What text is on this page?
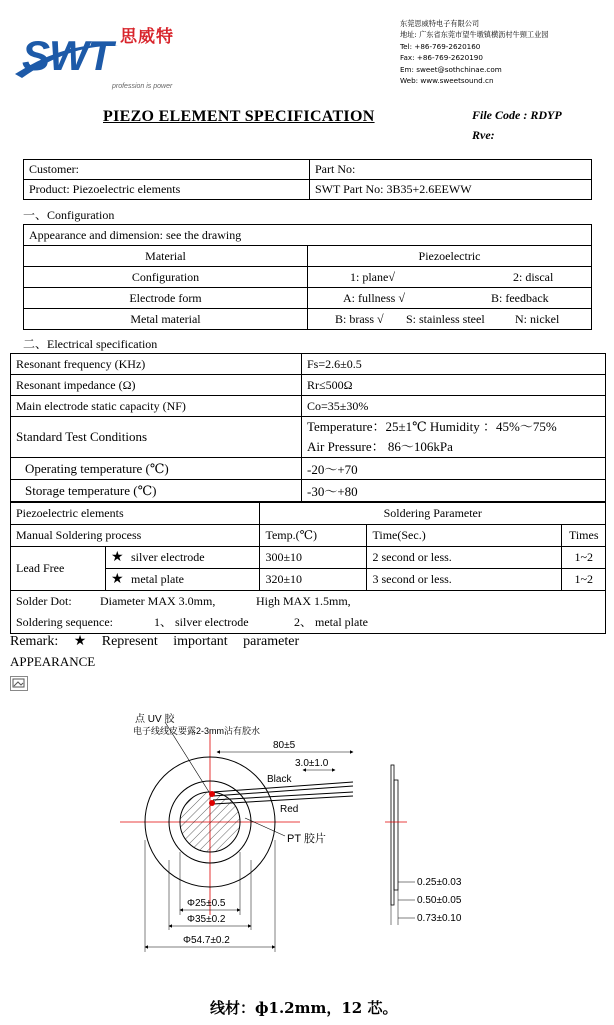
思威特
SWT
profession is power
东莞思威特电子有限公司
地址: 广东省东莞市望牛墩镇横沥村牛頸工业园
Tel: +86-769-2620160
Fax: +86-769-2620190
Em: sweet@sothchinae.com
Web: www.sweetsound.cn
PIEZO ELEMENT SPECIFICATION	File Code : RDYP
Rve:
Customer:	Part No:
Product: Piezoelectric elements	SWT Part No: 3B35+2.6EEWW
一、Configuration
Appearance and dimension: see the drawing	
Material	Piezoelectric
Configuration	1: plane√ 2: discal
Electrode form	A: fullness √ B: feedback
Metal material	B: brass √ S: stainless steel N: nickel
二、Electrical specification
Resonant frequency (KHz)	Fs=2.6±0.5
Resonant impedance (Ω)	Rr≤500Ω
Main electrode static capacity (NF)	Co=35±30%
Standard Test Conditions	Temperature：25±1℃ Humidity ：45%～75%
Air Pressure： 86～106kPa

Operating temperature (℃)	-20～+70
Storage temperature (℃)	-30～+80
Piezoelectric elements		Soldering Parameter		
Manual Soldering process		Temp.(℃)	Time(Sec.)	Times
Lead Free	★ silver electrode	300±10	2 second or less.	1~2
	★ metal plate	320±10	3 second or less.	1~2

Solder Dot: Diameter MAX 3.0mm, High MAX 1.5mm,
Soldering sequence: 1、 silver electrode 2、 metal plate				
Remark: ★ Represent important parameter
APPEARANCE
点 UV 胶
电子线线皮要露2-3mm沾有胶水
80±5
3.0±1.0
Black
Red
PT 胶片
Φ25±0.5
Φ35±0.2
Φ54.7±0.2
0.25±0.03
0.50±0.05
0.73±0.10
线材：ф1.2mm，12 芯。
